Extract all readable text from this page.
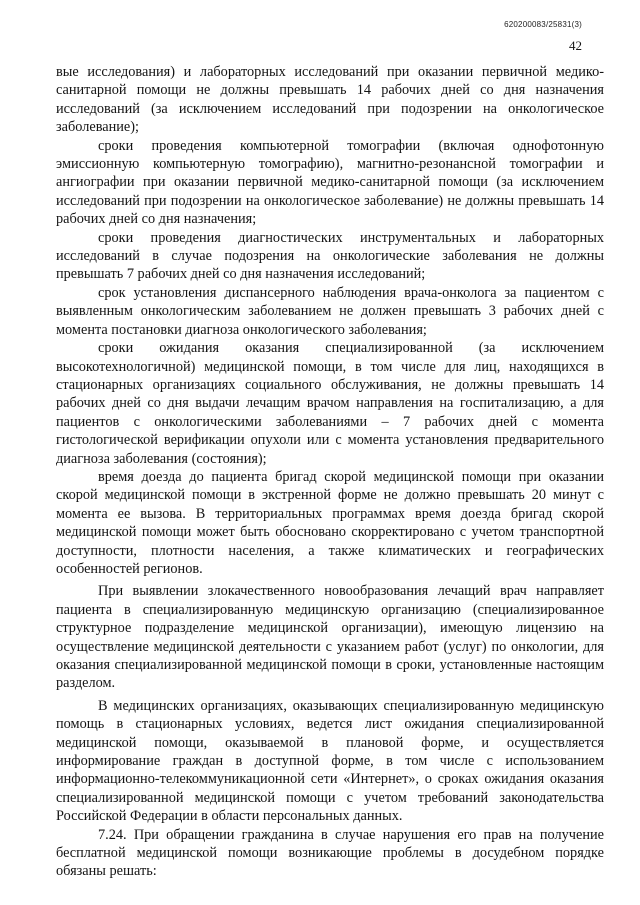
620200083/25831(3)
42

вые исследования) и лабораторных исследований при оказании первичной медико-санитарной помощи не должны превышать 14 рабочих дней со дня назначения исследований (за исключением исследований при подозрении на онкологическое заболевание);

сроки проведения компьютерной томографии (включая однофотонную эмиссионную компьютерную томографию), магнитно-резонансной томографии и ангиографии при оказании первичной медико-санитарной помощи (за исключением исследований при подозрении на онкологическое заболевание) не должны превышать 14 рабочих дней со дня назначения;

сроки проведения диагностических инструментальных и лабораторных исследований в случае подозрения на онкологические заболевания не должны превышать 7 рабочих дней со дня назначения исследований;

срок установления диспансерного наблюдения врача-онколога за пациентом с выявленным онкологическим заболеванием не должен превышать 3 рабочих дней с момента постановки диагноза онкологического заболевания;

сроки ожидания оказания специализированной (за исключением высокотехнологичной) медицинской помощи, в том числе для лиц, находящихся в стационарных организациях социального обслуживания, не должны превышать 14 рабочих дней со дня выдачи лечащим врачом направления на госпитализацию, а для пациентов с онкологическими заболеваниями – 7 рабочих дней с момента гистологической верификации опухоли или с момента установления предварительного диагноза заболевания (состояния);

время доезда до пациента бригад скорой медицинской помощи при оказании скорой медицинской помощи в экстренной форме не должно превышать 20 минут с момента ее вызова. В территориальных программах время доезда бригад скорой медицинской помощи может быть обосновано скорректировано с учетом транспортной доступности, плотности населения, а также климатических и географических особенностей регионов.

При выявлении злокачественного новообразования лечащий врач направляет пациента в специализированную медицинскую организацию (специализированное структурное подразделение медицинской организации), имеющую лицензию на осуществление медицинской деятельности с указанием работ (услуг) по онкологии, для оказания специализированной медицинской помощи в сроки, установленные настоящим разделом.

В медицинских организациях, оказывающих специализированную медицинскую помощь в стационарных условиях, ведется лист ожидания специализированной медицинской помощи, оказываемой в плановой форме, и осуществляется информирование граждан в доступной форме, в том числе с использованием информационно-телекоммуникационной сети «Интернет», о сроках ожидания оказания специализированной медицинской помощи с учетом требований законодательства Российской Федерации в области персональных данных.

7.24. При обращении гражданина в случае нарушения его прав на получение бесплатной медицинской помощи возникающие проблемы в досудебном порядке обязаны решать:
